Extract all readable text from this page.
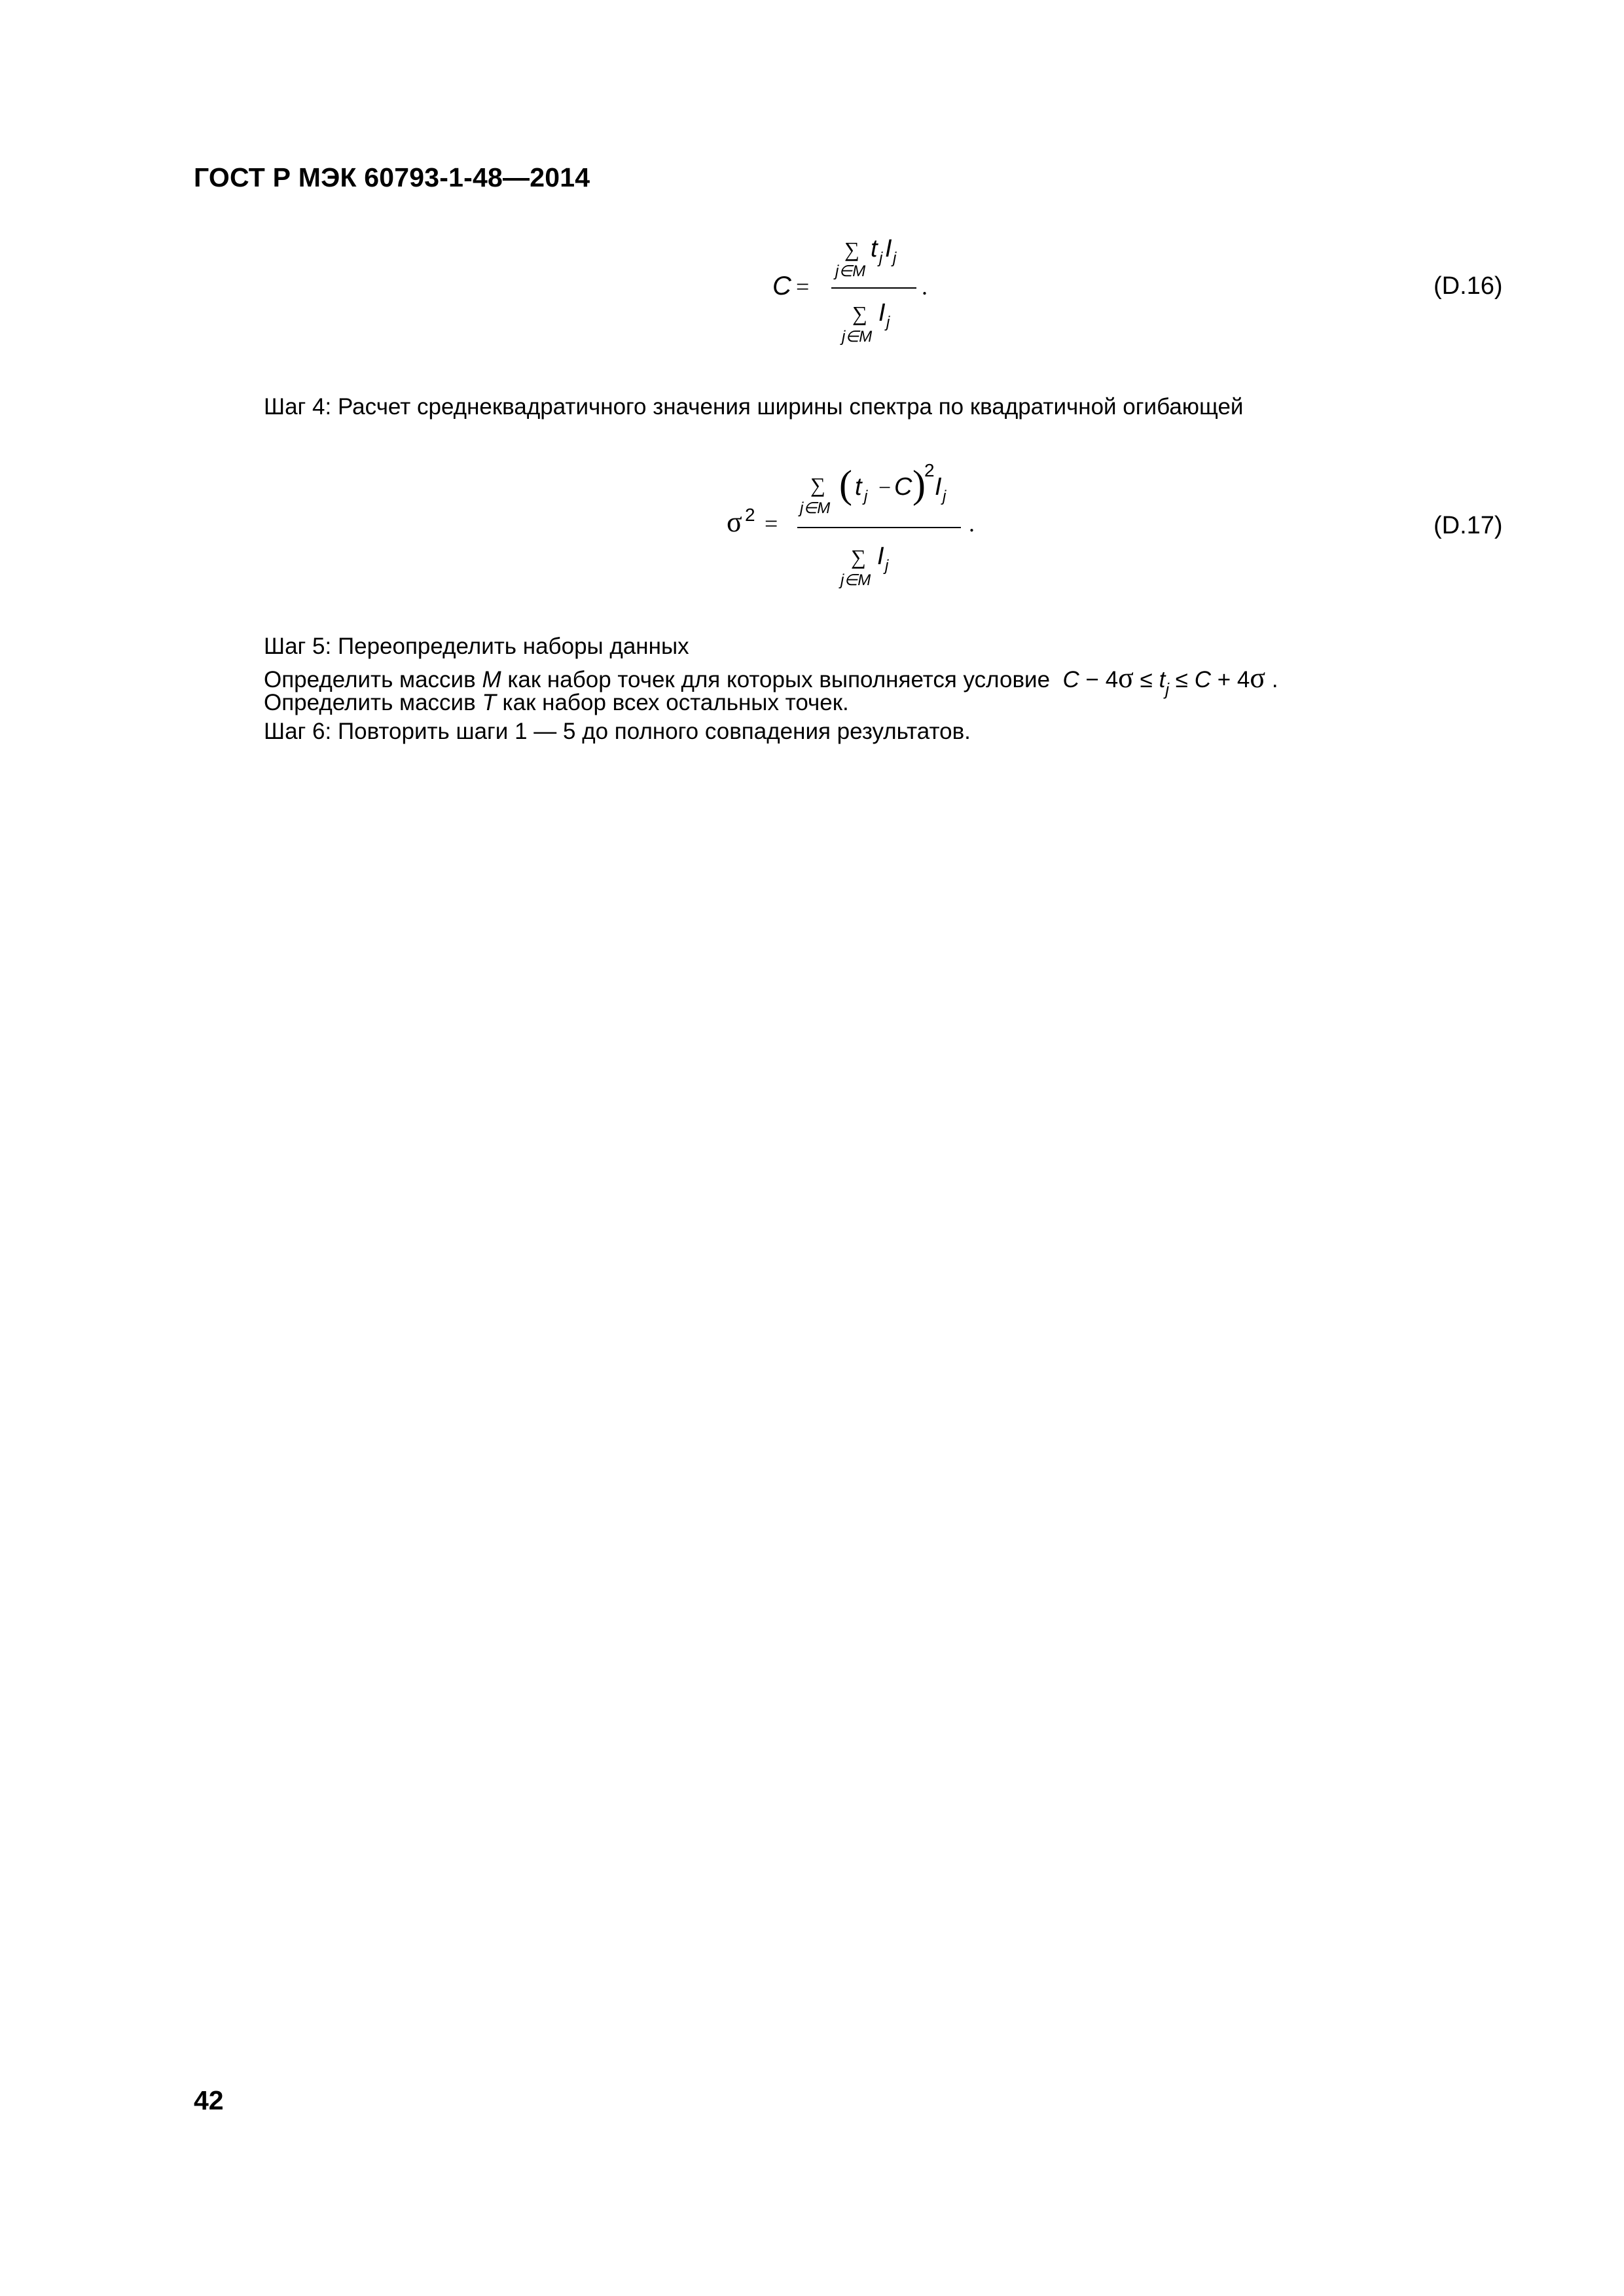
ГОСТ Р МЭК 60793-1-48—2014
C =
∑ t j I j
j∈M
∑ I j
j∈M
.	(D.16)
Шаг 4: Расчет среднеквадратичного значения ширины спектра по квадратичной огибающей
σ 2 =
∑
j∈M
( t j − C )
2
I j
∑ I j
j∈M
.	(D.17)
Шаг 5: Переопределить наборы данных
Определить массив M как набор точек для которых выполняется условие $C - 4\sigma \le t_j \le C + 4\sigma$ .
Определить массив T как набор всех остальных точек.
Шаг 6: Повторить шаги 1 — 5 до полного совпадения результатов.
42
